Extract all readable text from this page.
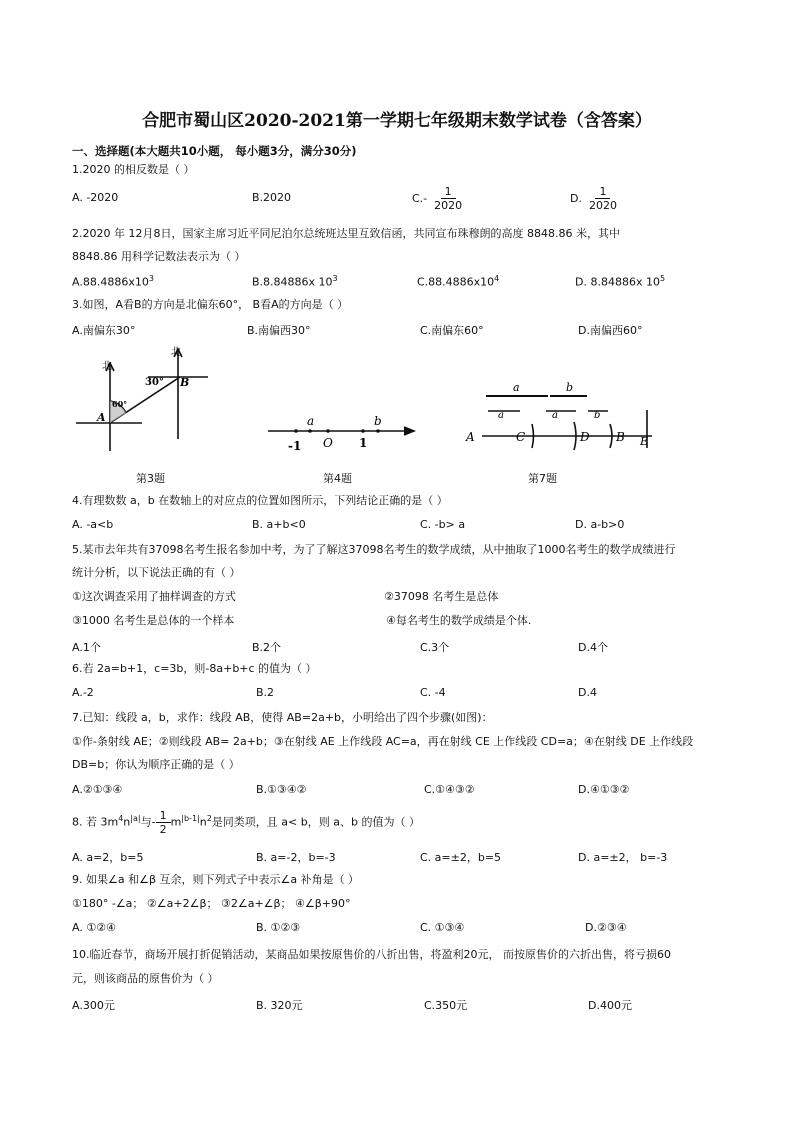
合肥市蜀山区2020-2021第一学期七年级期末数学试卷（含答案）
一、选择题(本大题共10小题， 每小题3分，满分30分)
1.2020 的相反数是（ ）
A. -2020	B.2020	$C.- \frac{1}{2020}$	D. $\frac{1}{2020}$
2.2020 年 12月8日，国家主席习近平同尼泊尔总统班达里互致信函，共同宣布珠穆朗的高度 8848.86 米，其中
8848.86 用科学记数法表示为（ ）
$A.88.4886x10^3$	B.8.84886x $10^3$	$C.88.4886x10^4$	D. 8.84886x $10^5$
3.如图，A看B的方向是北偏东60°， B看A的方向是（ ）
A.南偏东30°	B.南偏西30°	C.南偏东60°	D.南偏西60°
北
北
60°
30°
A
B
a	b
-1 O 1
a	b
a	a	b
A	C	D B E
第3题	第4题	第7题
4.有理数数 a，b 在数轴上的对应点的位置如图所示，下列结论正确的是（ ）
A. -a<b	B. a+b<0	C. -b> a	D. a-b>0
5.某市去年共有37098名考生报名参加中考，为了了解这37098名考生的数学成绩，从中抽取了1000名考生的数学成绩进行
统计分析，以下说法正确的有（ ）
①这次调查采用了抽样调查的方式	②37098 名考生是总体
③1000 名考生是总体的一个样本	④每名考生的数学成绩是个体.
A.1个	B.2个	C.3个	D.4个
6.若 2a=b+1，c=3b，则-8a+b+c 的值为（ ）
A.-2	B.2	C. -4	D.4
7.已知：线段 a，b，求作：线段 AB，使得 AB=2a+b，小明给出了四个步骤(如图)：
①作-条射线 AE；②则线段 AB= 2a+b；③在射线 AE 上作线段 AC=a，再在射线 CE 上作线段 CD=a；④在射线 DE 上作线段
DB=b；你认为顺序正确的是（ ）
A.②①③④	B.①③④②	C.①④③②	D.④①③②
8. 若 $3m^4n^{|a|}$与- $\frac{1}{2} m^{|b-1|}n^2$是同类项，且 a< b，则 a、b 的值为（ ）
A. a=2，b=5	B. a=-2，b=-3	C. a=±2，b=5	D. a=±2， b=-3
9. 如果∠a 和∠β 互余，则下列式子中表示∠a 补角是（ ）
①180° -∠a； ②∠a+2∠β； ③2∠a+∠β； ④∠β+90°
A. ①②④	B. ①②③	C. ①③④	D.②③④
10.临近春节，商场开展打折促销活动，某商品如果按原售价的八折出售，将盈利20元， 而按原售价的六折出售，将亏损60
元，则该商品的原售价为（ ）
A.300元	B. 320元	C.350元	D.400元
